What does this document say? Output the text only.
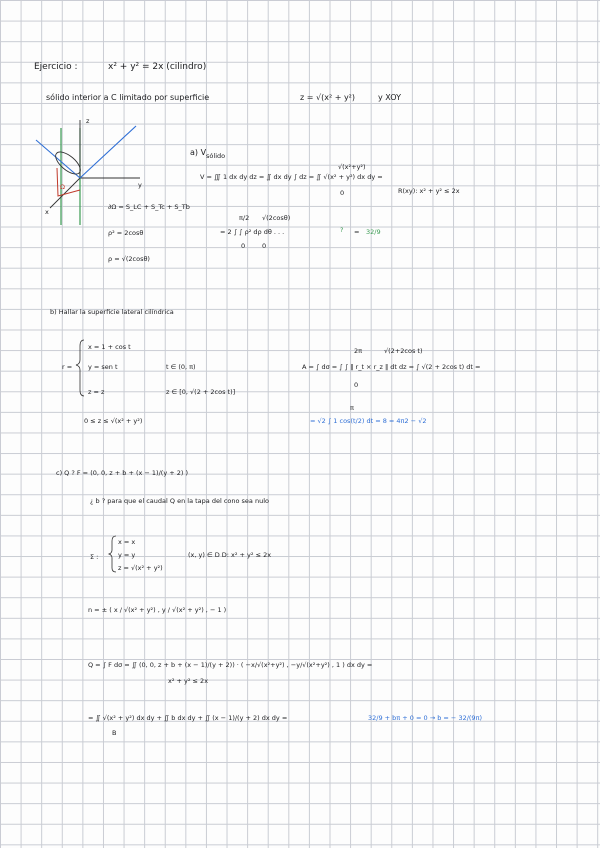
Ejercicio :	x² + y² = 2x (cilindro)
sólido interior a C limitado por superficie	z = √(x² + y²)	y XOY
z
y
x
Ω
∂Ω = S_LC + S_Tc + S_Tb
ρ² = 2cosθ
ρ = √(2cosθ)
a) $V_{sólido}$
√(x²+y²)
V = ∭ 1 dx dy dz = ∬ dx dy ∫ dz = ∬ √(x² + y²) dx dy =
0	R(xy): x² + y² ≤ 2x
π/2 √(2cosθ)
= 2 ∫ ∫ ρ² dρ dθ . . .
0	0
? = 32/9
b) Hallar la superficie lateral cilíndrica
r =
x = 1 + cos t
y = sen t
z = z
t ∈ (0, π)
z ∈ [0, √(2 + 2cos t)]
0 ≤ z ≤ √(x² + y²)
2π	√(2+2cos t)
A = ∫ dσ = ∫ ∫ ‖ r_t × r_z ‖ dt dz = ∫ √(2 + 2cos t) dt =
0
π
= √2 ∫ 1 cos(t/2) dt = 8 = 4π2 − √2
c) Q ? F = (0, 0, z + b + (x − 1)/(y + 2) )
¿ b ? para que el caudal Q en la tapa del cono sea nulo
Σ :
x = x
y = y
z = √(x² + y²)
(x, y) ∈ D D: x² + y² ≤ 2x
n = ± ( x / √(x² + y²) , y / √(x² + y²) , − 1 )
Q = ∫ F dσ = ∬ (0, 0, z + b + (x − 1)/(y + 2)) · ( −x/√(x²+y²) , −y/√(x²+y²) , 1 ) dx dy =
x² + y² ≤ 2x
= ∬ √(x² + y²) dx dy + ∬ b dx dy + ∬ (x − 1)/(y + 2) dx dy =
B
32/9 + bπ + 0 = 0 → b = − 32/(9π)
